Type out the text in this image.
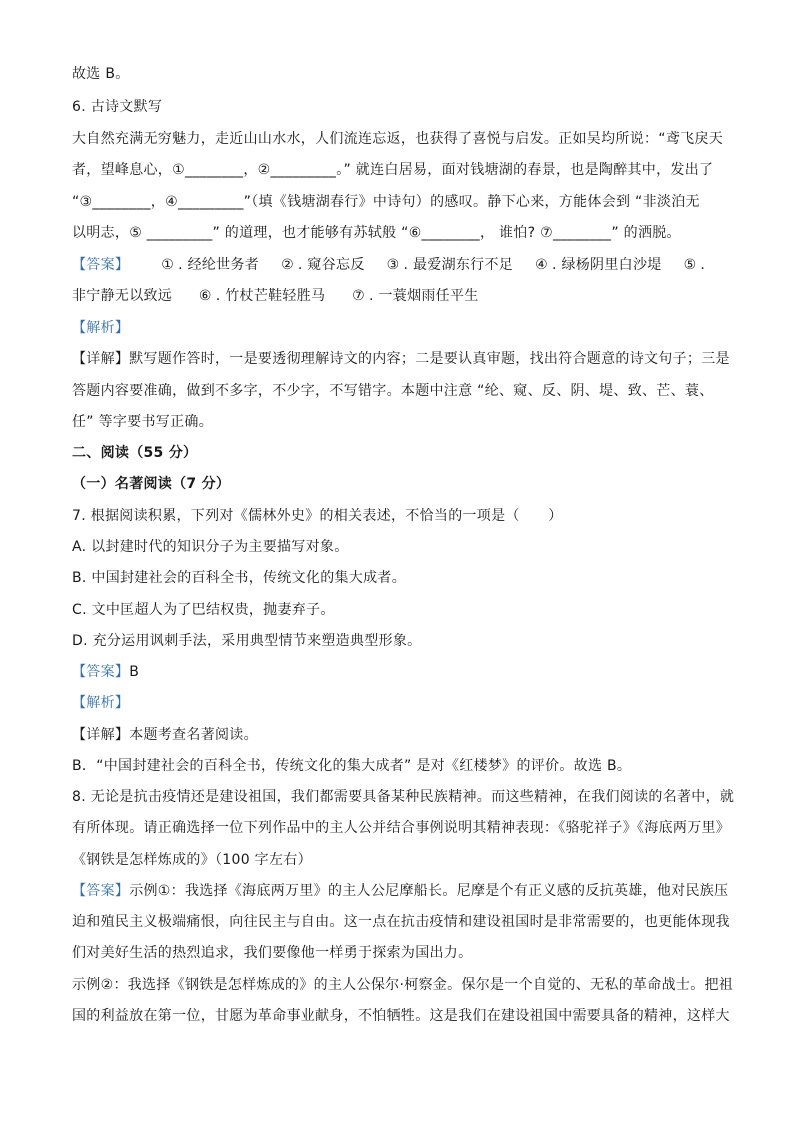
故选 B。
6. 古诗文默写
大自然充满无穷魅力，走近山山水水，人们流连忘返，也获得了喜悦与启发。正如吴均所说：“鸢飞戾天
者，望峰息心，①________，②_________。” 就连白居易，面对钱塘湖的春景，也是陶醉其中，发出了
“③________，④_________”（填《钱塘湖春行》中诗句）的感叹。静下心来，方能体会到 “非淡泊无
以明志，⑤ _________” 的道理，也才能够有苏轼般 “⑥________， 谁怕? ⑦________” 的洒脱。
【答案】 ① . 经纶世务者 ② . 窥谷忘反 ③ . 最爱湖东行不足 ④ . 绿杨阴里白沙堤 ⑤ .
非宁静无以致远 ⑥ . 竹杖芒鞋轻胜马 ⑦ . 一蓑烟雨任平生
【解析】
【详解】默写题作答时，一是要透彻理解诗文的内容；二是要认真审题，找出符合题意的诗文句子；三是
答题内容要准确，做到不多字，不少字，不写错字。本题中注意 “纶、窥、反、阴、堤、致、芒、蓑、
任” 等字要书写正确。
二、阅读（55 分）
（一）名著阅读（7 分）
7. 根据阅读积累，下列对《儒林外史》的相关表述，不恰当的一项是（　　）
A. 以封建时代的知识分子为主要描写对象。
B. 中国封建社会的百科全书，传统文化的集大成者。
C. 文中匡超人为了巴结权贵，抛妻弃子。
D. 充分运用讽刺手法，采用典型情节来塑造典型形象。
【答案】B
【解析】
【详解】本题考查名著阅读。
B．“中国封建社会的百科全书，传统文化的集大成者” 是对《红楼梦》的评价。故选 B。
8. 无论是抗击疫情还是建设祖国，我们都需要具备某种民族精神。而这些精神，在我们阅读的名著中，就
有所体现。请正确选择一位下列作品中的主人公并结合事例说明其精神表现：《骆驼祥子》《海底两万里》
《钢铁是怎样炼成的》（100 字左右）
【答案】示例①：我选择《海底两万里》的主人公尼摩船长。尼摩是个有正义感的反抗英雄，他对民族压
迫和殖民主义极端痛恨，向往民主与自由。这一点在抗击疫情和建设祖国时是非常需要的，也更能体现我
们对美好生活的热烈追求，我们要像他一样勇于探索为国出力。
示例②：我选择《钢铁是怎样炼成的》的主人公保尔·柯察金。保尔是一个自觉的、无私的革命战士。把祖
国的利益放在第一位，甘愿为革命事业献身，不怕牺牲。这是我们在建设祖国中需要具备的精神，这样大
